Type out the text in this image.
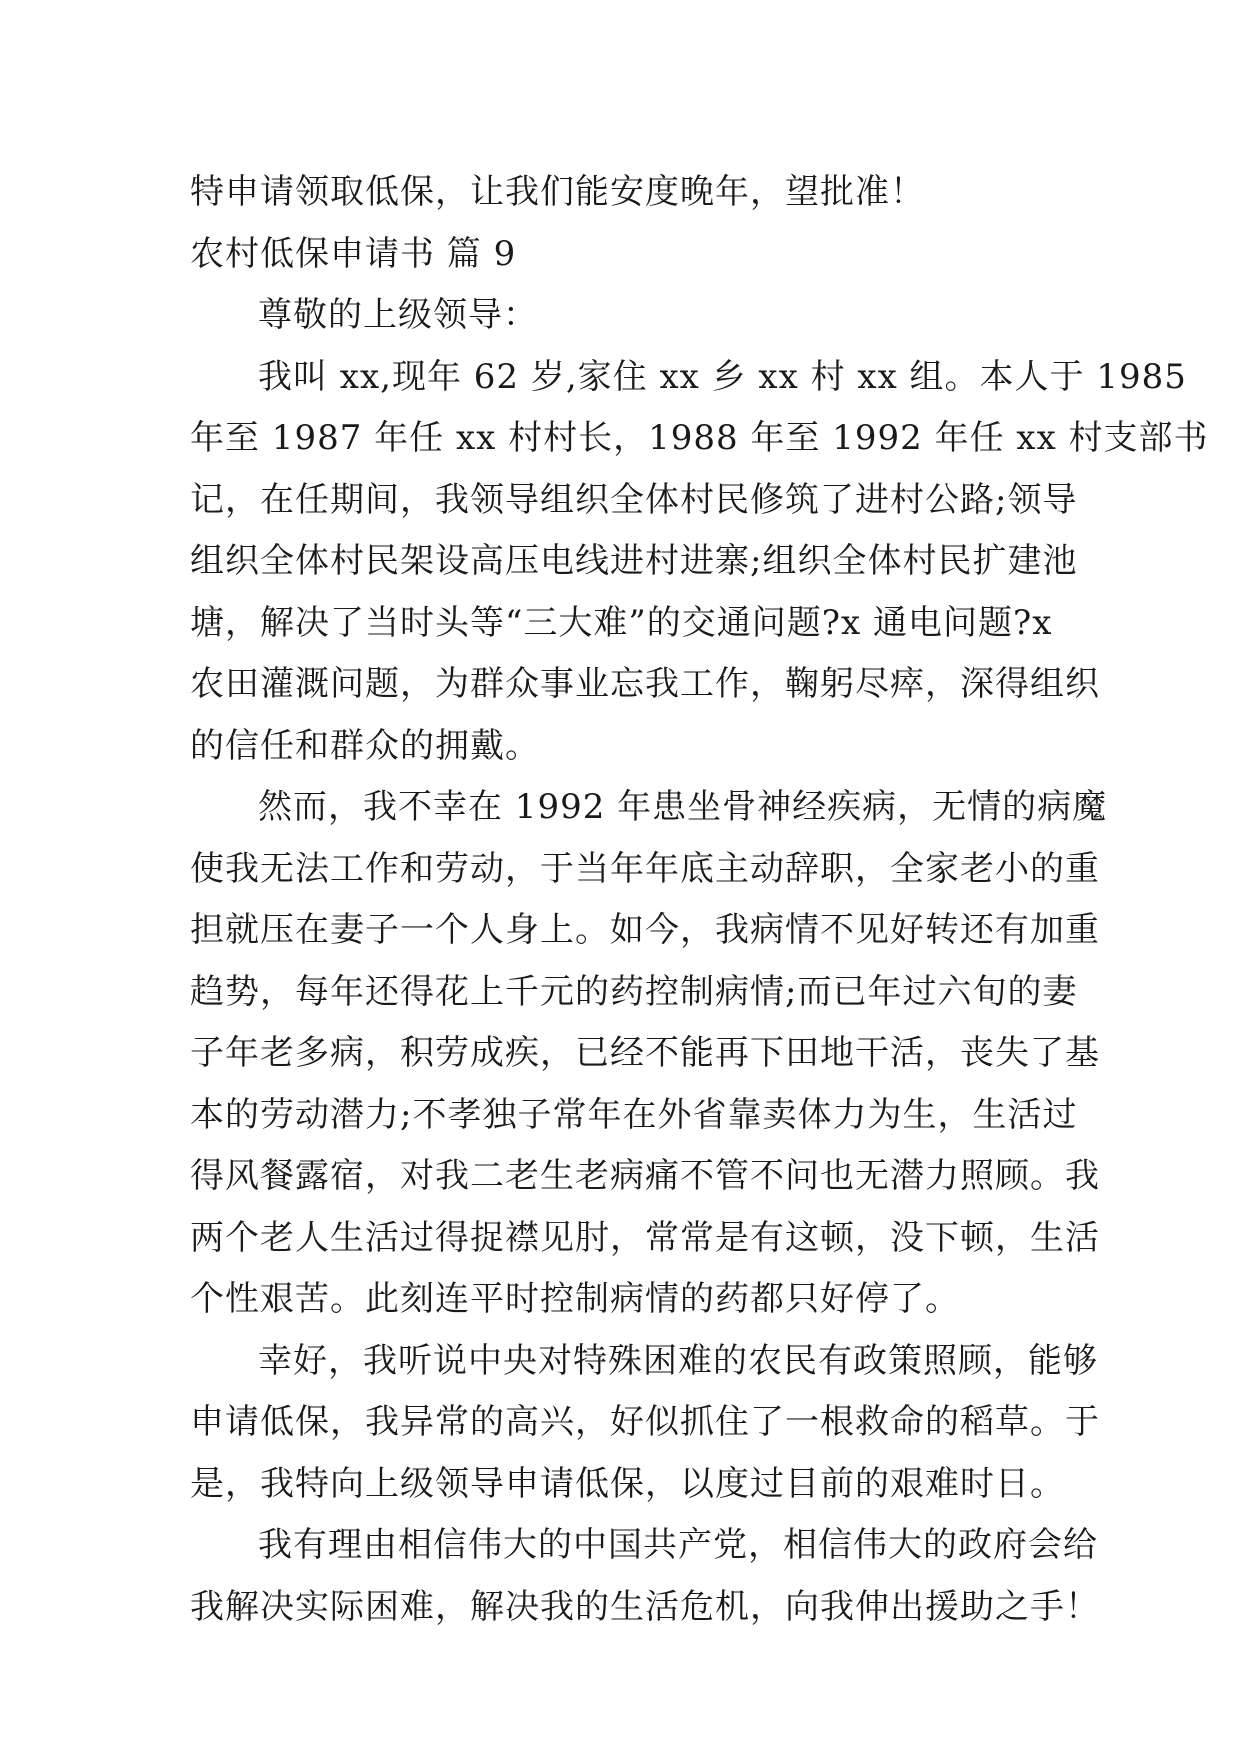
特申请领取低保，让我们能安度晚年，望批准！
农村低保申请书 篇 9
尊敬的上级领导：
我叫 xx,现年 62 岁,家住 xx 乡 xx 村 xx 组。本人于 1985
年至 1987 年任 xx 村村长，1988 年至 1992 年任 xx 村支部书
记，在任期间，我领导组织全体村民修筑了进村公路;领导
组织全体村民架设高压电线进村进寨;组织全体村民扩建池
塘，解决了当时头等“三大难”的交通问题?x 通电问题?x
农田灌溉问题，为群众事业忘我工作，鞠躬尽瘁，深得组织
的信任和群众的拥戴。
然而，我不幸在 1992 年患坐骨神经疾病，无情的病魔
使我无法工作和劳动，于当年年底主动辞职，全家老小的重
担就压在妻子一个人身上。如今，我病情不见好转还有加重
趋势，每年还得花上千元的药控制病情;而已年过六旬的妻
子年老多病，积劳成疾，已经不能再下田地干活，丧失了基
本的劳动潜力;不孝独子常年在外省靠卖体力为生，生活过
得风餐露宿，对我二老生老病痛不管不问也无潜力照顾。我
两个老人生活过得捉襟见肘，常常是有这顿，没下顿，生活
个性艰苦。此刻连平时控制病情的药都只好停了。
幸好，我听说中央对特殊困难的农民有政策照顾，能够
申请低保，我异常的高兴，好似抓住了一根救命的稻草。于
是，我特向上级领导申请低保，以度过目前的艰难时日。
我有理由相信伟大的中国共产党，相信伟大的政府会给
我解决实际困难，解决我的生活危机，向我伸出援助之手！
